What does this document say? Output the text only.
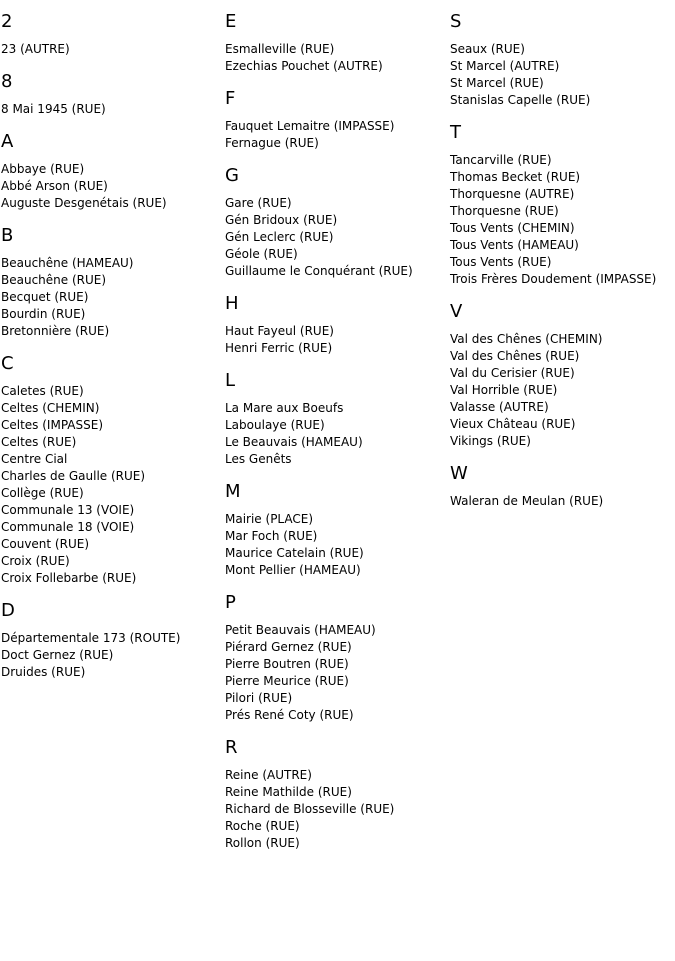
2
23 (AUTRE)
8
8 Mai 1945 (RUE)
A
Abbaye (RUE)
Abbé Arson (RUE)
Auguste Desgenétais (RUE)
B
Beauchêne (HAMEAU)
Beauchêne (RUE)
Becquet (RUE)
Bourdin (RUE)
Bretonnière (RUE)
C
Caletes (RUE)
Celtes (CHEMIN)
Celtes (IMPASSE)
Celtes (RUE)
Centre Cial
Charles de Gaulle (RUE)
Collège (RUE)
Communale 13 (VOIE)
Communale 18 (VOIE)
Couvent (RUE)
Croix (RUE)
Croix Follebarbe (RUE)
D
Départementale 173 (ROUTE)
Doct Gernez (RUE)
Druides (RUE)
E
Esmalleville (RUE)
Ezechias Pouchet (AUTRE)
F
Fauquet Lemaitre (IMPASSE)
Fernague (RUE)
G
Gare (RUE)
Gén Bridoux (RUE)
Gén Leclerc (RUE)
Géole (RUE)
Guillaume le Conquérant (RUE)
H
Haut Fayeul (RUE)
Henri Ferric (RUE)
L
La Mare aux Boeufs
Laboulaye (RUE)
Le Beauvais (HAMEAU)
Les Genêts
M
Mairie (PLACE)
Mar Foch (RUE)
Maurice Catelain (RUE)
Mont Pellier (HAMEAU)
P
Petit Beauvais (HAMEAU)
Piérard Gernez (RUE)
Pierre Boutren (RUE)
Pierre Meurice (RUE)
Pilori (RUE)
Prés René Coty (RUE)
R
Reine (AUTRE)
Reine Mathilde (RUE)
Richard de Blosseville (RUE)
Roche (RUE)
Rollon (RUE)
S
Seaux (RUE)
St Marcel (AUTRE)
St Marcel (RUE)
Stanislas Capelle (RUE)
T
Tancarville (RUE)
Thomas Becket (RUE)
Thorquesne (AUTRE)
Thorquesne (RUE)
Tous Vents (CHEMIN)
Tous Vents (HAMEAU)
Tous Vents (RUE)
Trois Frères Doudement (IMPASSE)
V
Val des Chênes (CHEMIN)
Val des Chênes (RUE)
Val du Cerisier (RUE)
Val Horrible (RUE)
Valasse (AUTRE)
Vieux Château (RUE)
Vikings (RUE)
W
Waleran de Meulan (RUE)
